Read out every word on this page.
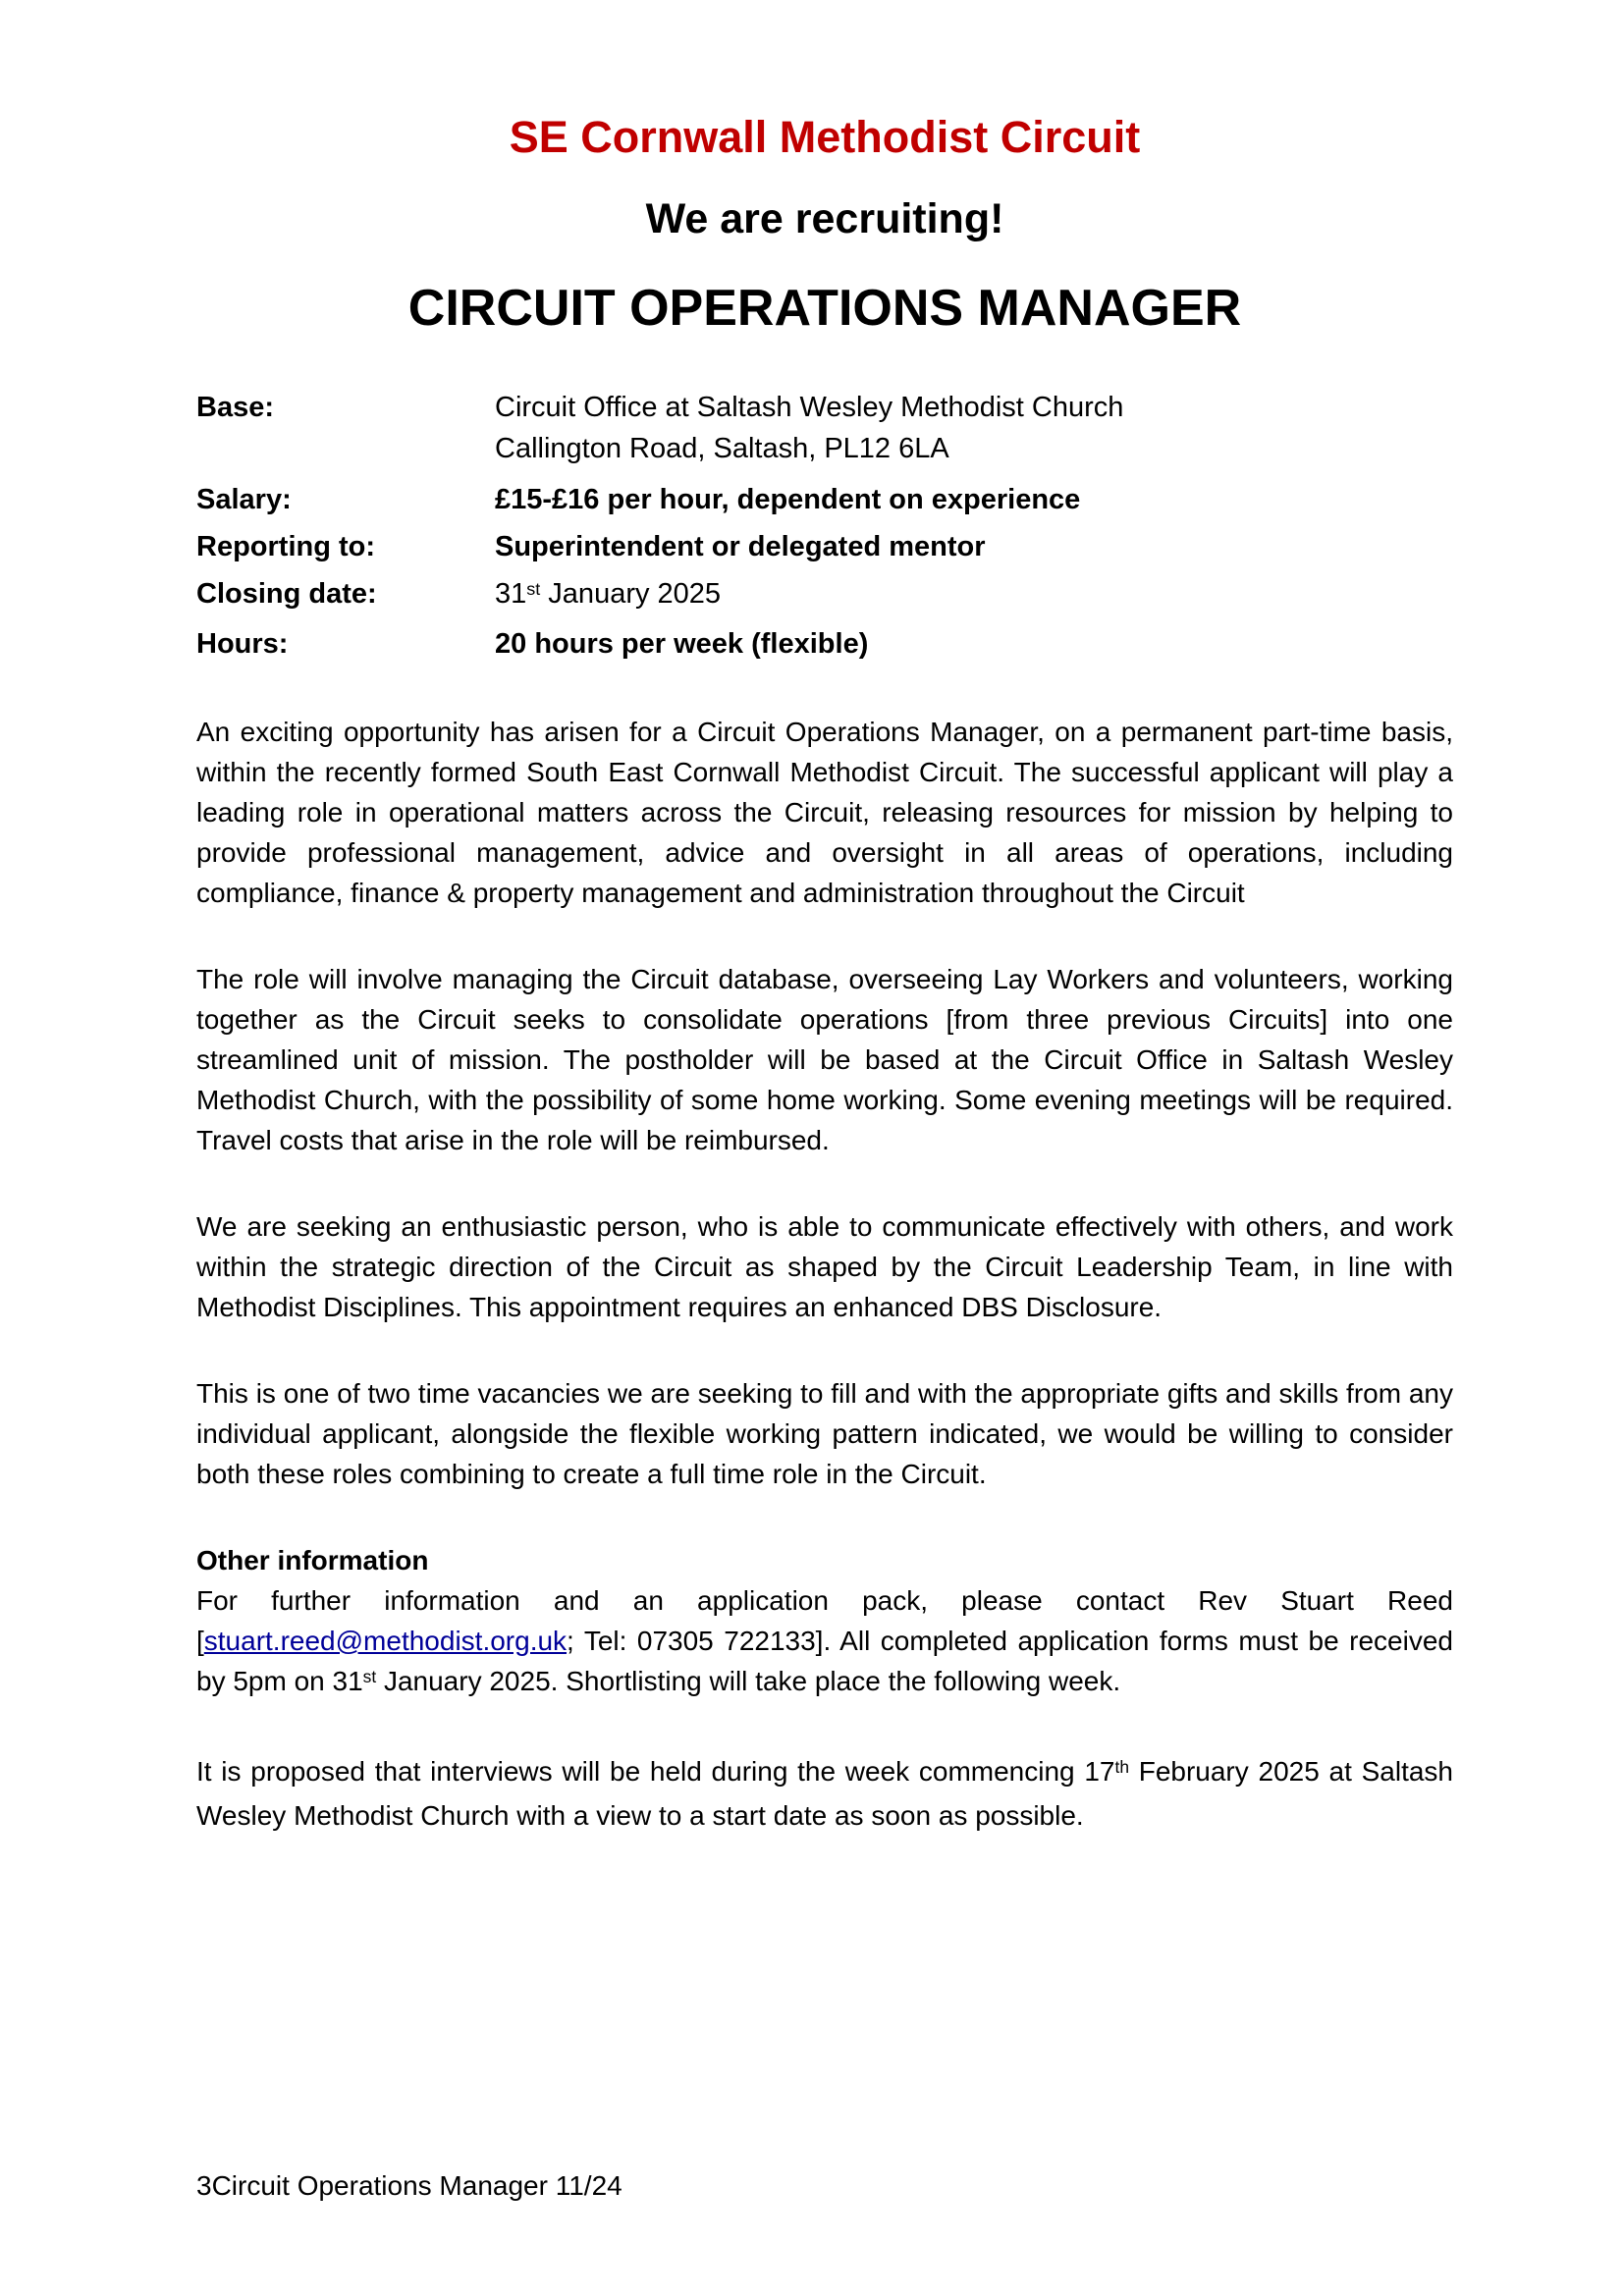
SE Cornwall Methodist Circuit
We are recruiting!
CIRCUIT OPERATIONS MANAGER
Base:	Circuit Office at Saltash Wesley Methodist Church
Callington Road, Saltash, PL12 6LA
Salary:	£15-£16 per hour, dependent on experience
Reporting to:	Superintendent or delegated mentor
Closing date:	31st January 2025
Hours:	20 hours per week (flexible)

An exciting opportunity has arisen for a Circuit Operations Manager, on a permanent part-time basis, within the recently formed South East Cornwall Methodist Circuit. The successful applicant will play a leading role in operational matters across the Circuit, releasing resources for mission by helping to provide professional management, advice and oversight in all areas of operations, including compliance, finance & property management and administration throughout the Circuit

The role will involve managing the Circuit database, overseeing Lay Workers and volunteers, working together as the Circuit seeks to consolidate operations [from three previous Circuits] into one streamlined unit of mission. The postholder will be based at the Circuit Office in Saltash Wesley Methodist Church, with the possibility of some home working. Some evening meetings will be required. Travel costs that arise in the role will be reimbursed.

We are seeking an enthusiastic person, who is able to communicate effectively with others, and work within the strategic direction of the Circuit as shaped by the Circuit Leadership Team, in line with Methodist Disciplines. This appointment requires an enhanced DBS Disclosure.

This is one of two time vacancies we are seeking to fill and with the appropriate gifts and skills from any individual applicant, alongside the flexible working pattern indicated, we would be willing to consider both these roles combining to create a full time role in the Circuit.

Other information

For further information and an application pack, please contact Rev Stuart Reed [stuart.reed@methodist.org.uk; Tel: 07305 722133]. All completed application forms must be received by 5pm on 31st January 2025. Shortlisting will take place the following week.

It is proposed that interviews will be held during the week commencing 17th February 2025 at Saltash Wesley Methodist Church with a view to a start date as soon as possible.

3Circuit Operations Manager 11/24
